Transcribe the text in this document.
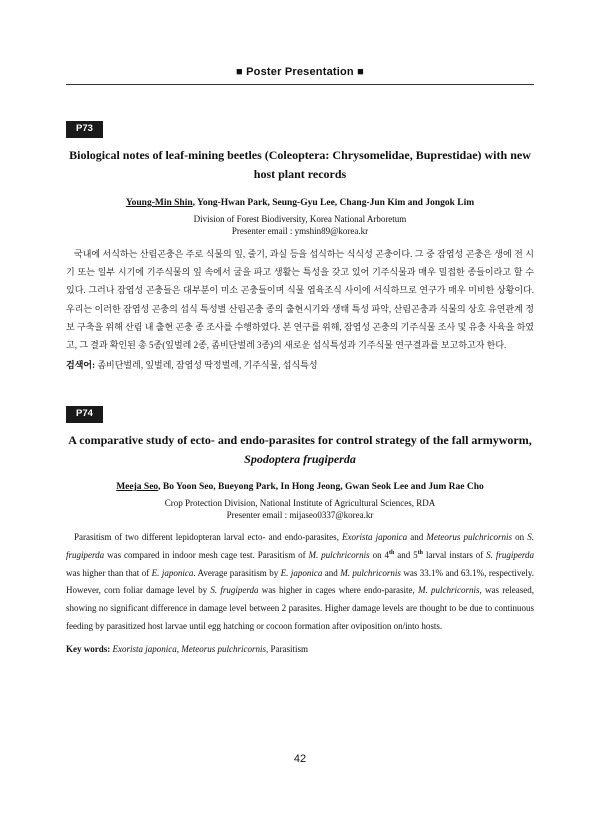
■ Poster Presentation ■
P73
Biological notes of leaf-mining beetles (Coleoptera: Chrysomelidae, Buprestidae) with new
host plant records
Young-Min Shin, Yong-Hwan Park, Seung-Gyu Lee, Chang-Jun Kim and Jongok Lim
Division of Forest Biodiversity, Korea National Arboretum
Presenter email : ymshin89@korea.kr
국내에 서식하는 산림곤충은 주로 식물의 잎, 줄기, 과실 등을 섭식하는 식식성 곤충이다. 그 중 잠엽성 곤충은 생에 전 시기 또는 일부 시기에 기주식물의 잎 속에서 굴을 파고 생활는 특성을 갖고 있어 기주식물과 매우 밀접한 종들이라고 할 수 있다. 그러나 잠엽성 곤충들은 대부분이 미소 곤충들이며 식물 엽육조식 사이에 서식하므로 연구가 매우 미비한 상황이다. 우리는 이러한 잠엽성 곤충의 섭식 특성별 산림곤충 종의 출현시기와 생태 특성 파악, 산림곤충과 식물의 상호 유연관계 정보 구축을 위해 산림 내 출현 곤충 종 조사를 수행하였다. 본 연구를 위해, 잠엽성 곤충의 기주식물 조사 및 유충 사육을 하였고, 그 결과 확인된 총 5종(잎벌레 2종, 좀비단벌레 3종)의 새로운 섭식특성과 기주식물 연구결과를 보고하고자 한다.
검색어: 좀비단벌레, 잎벌레, 잠엽성 딱정벌레, 기주식물, 섭식특성
P74
A comparative study of ecto- and endo-parasites for control strategy of the fall armyworm,
Spodoptera frugiperda
Meeja Seo, Bo Yoon Seo, Bueyong Park, In Hong Jeong, Gwan Seok Lee and Jum Rae Cho
Crop Protection Division, National Institute of Agricultural Sciences, RDA
Presenter email : mijaseo0337@korea.kr
Parasitism of two different lepidopteran larval ecto- and endo-parasites, Exorista japonica and Meteorus pulchricornis on S. frugiperda was compared in indoor mesh cage test. Parasitism of M. pulchricornis on 4th and 5th larval instars of S. frugiperda was higher than that of E. japonica. Average parasitism by E. japonica and M. pulchricornis was 33.1% and 63.1%, respectively. However, corn foliar damage level by S. frugiperda was higher in cages where endo-parasite, M. pulchricornis, was released, showing no significant difference in damage level between 2 parasites. Higher damage levels are thought to be due to continuous feeding by parasitized host larvae until egg hatching or cocoon formation after oviposition on/into hosts.
Key words: Exorista japonica, Meteorus pulchricornis, Parasitism
42
